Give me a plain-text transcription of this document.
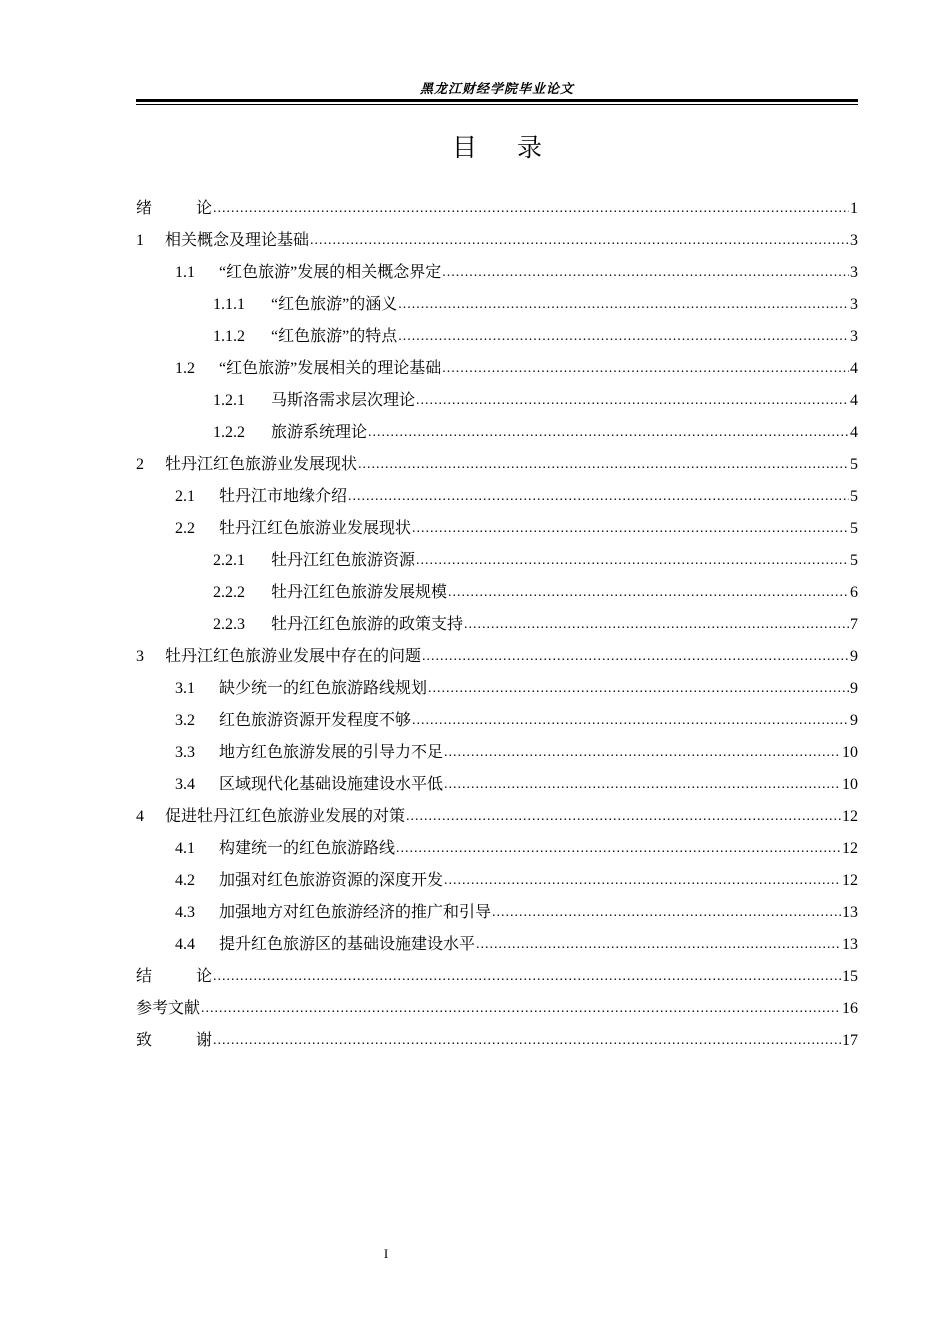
黑龙江财经学院毕业论文
目 录
绪	论 .....	1
1 相关概念及理论基础 .....	3
1.1 “红色旅游”发展的相关概念界定 .....	3
1.1.1 “红色旅游”的涵义 .....	3
1.1.2 “红色旅游”的特点 .....	3
1.2 “红色旅游”发展相关的理论基础 .....	4
1.2.1 马斯洛需求层次理论 .....	4
1.2.2 旅游系统理论 .....	4
2 牡丹江红色旅游业发展现状 .....	5
2.1 牡丹江市地缘介绍 .....	5
2.2 牡丹江红色旅游业发展现状 .....	5
2.2.1 牡丹江红色旅游资源 .....	5
2.2.2 牡丹江红色旅游发展规模 .....	6
2.2.3 牡丹江红色旅游的政策支持 .....	7
3 牡丹江红色旅游业发展中存在的问题 .....	9
3.1 缺少统一的红色旅游路线规划 .....	9
3.2 红色旅游资源开发程度不够 .....	9
3.3 地方红色旅游发展的引导力不足 .....	10
3.4 区域现代化基础设施建设水平低 .....	10
4 促进牡丹江红色旅游业发展的对策 .....	12
4.1 构建统一的红色旅游路线 .....	12
4.2 加强对红色旅游资源的深度开发 .....	12
4.3 加强地方对红色旅游经济的推广和引导 .....	13
4.4 提升红色旅游区的基础设施建设水平 .....	13
结	论 .....	15
参考文献 .....	16
致	谢 .....	17
I
